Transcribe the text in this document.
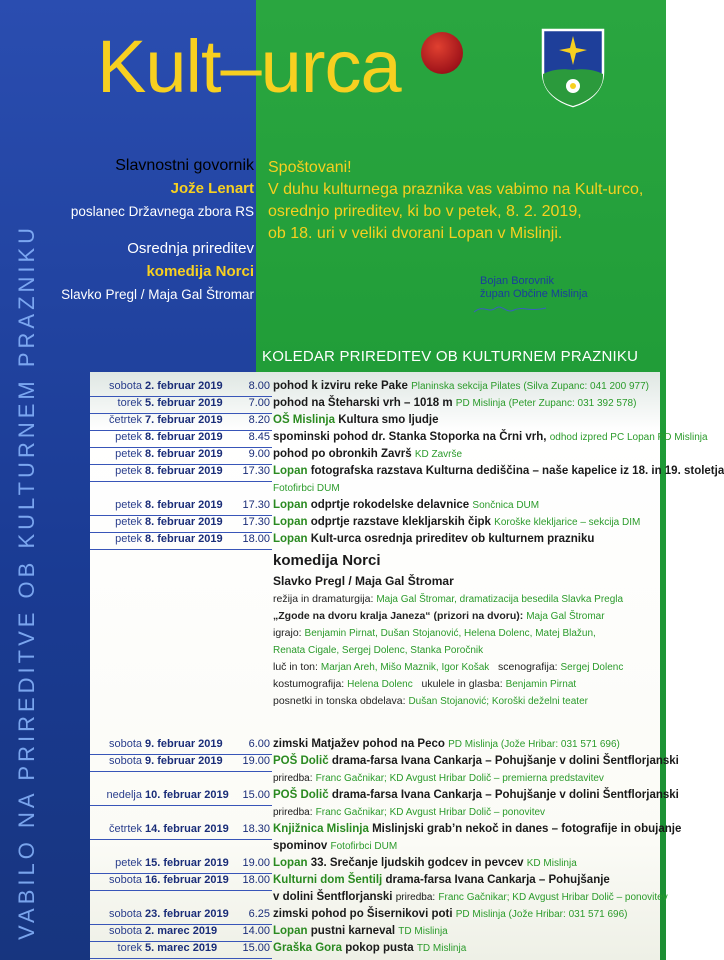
VABILO NA PRIREDITVE OB KULTURNEM PRAZNIKU
Kult–urca
Slavnostni govornik
Jože Lenart
poslanec Državnega zbora RS
Osrednja prireditev
komedija Norci
Slavko Pregl / Maja Gal Štromar
Spoštovani!
V duhu kulturnega praznika vas vabimo na Kult-urco,
osrednjo prireditev, ki bo v petek, 8. 2. 2019,
ob 18. uri v veliki dvorani Lopan v Mislinji.
Bojan Borovnik
župan Občine Mislinja
KOLEDAR PRIREDITEV OB KULTURNEM PRAZNIKU
sobota 2. februar 2019	8.00 pohod k izviru reke Pake Planinska sekcija Pilates (Silva Zupanc: 041 200 977)
torek 5. februar 2019	7.00 pohod na Šteharski vrh – 1018 m PD Mislinja (Peter Zupanc: 031 392 578)
četrtek 7. februar 2019	8.20 OŠ Mislinja Kultura smo ljudje
petek 8. februar 2019	8.45 spominski pohod dr. Stanka Stoporka na Črni vrh, odhod izpred PC Lopan PD Mislinja
petek 8. februar 2019	9.00 pohod po obronkih Završ KD Završe
petek 8. februar 2019	17.30 Lopan fotografska razstava Kulturna dediščina – naše kapelice iz 18. in 19. stoletja
Fotofirbci DUM
petek 8. februar 2019	17.30 Lopan odprtje rokodelske delavnice Sončnica DUM
petek 8. februar 2019	17.30 Lopan odprtje razstave klekljarskih čipk Koroške klekljarice – sekcija DIM
petek 8. februar 2019	18.00 Lopan Kult-urca osrednja prireditev ob kulturnem prazniku
komedija Norci
Slavko Pregl / Maja Gal Štromar
režija in dramaturgija: Maja Gal Štromar, dramatizacija besedila Slavka Pregla
„Zgode na dvoru kralja Janeza“ (prizori na dvoru): Maja Gal Štromar
igrajo: Benjamin Pirnat, Dušan Stojanović, Helena Dolenc, Matej Blažun,
Renata Cigale, Sergej Dolenc, Stanka Poročnik
luč in ton: Marjan Areh, Mišo Maznik, Igor Košak scenografija: Sergej Dolenc
kostumografija: Helena Dolenc ukulele in glasba: Benjamin Pirnat
posnetki in tonska obdelava: Dušan Stojanović; Koroški deželni teater
sobota 9. februar 2019	6.00 zimski Matjažev pohod na Peco PD Mislinja (Jože Hribar: 031 571 696)
sobota 9. februar 2019	19.00 POŠ Dolič drama-farsa Ivana Cankarja – Pohujšanje v dolini Šentflorjanski
priredba: Franc Gačnikar; KD Avgust Hribar Dolič – premierna predstavitev
nedelja 10. februar 2019	15.00 POŠ Dolič drama-farsa Ivana Cankarja – Pohujšanje v dolini Šentflorjanski
priredba: Franc Gačnikar; KD Avgust Hribar Dolič – ponovitev
četrtek 14. februar 2019	18.30 Knjižnica Mislinja Mislinjski grab’n nekoč in danes – fotografije in obujanje
spominov Fotofirbci DUM
petek 15. februar 2019	19.00 Lopan 33. Srečanje ljudskih godcev in pevcev KD Mislinja
sobota 16. februar 2019	18.00 Kulturni dom Šentilj drama-farsa Ivana Cankarja – Pohujšanje
v dolini Šentflorjanski priredba: Franc Gačnikar; KD Avgust Hribar Dolič – ponovitev
sobota 23. februar 2019	6.25 zimski pohod po Šisernikovi poti PD Mislinja (Jože Hribar: 031 571 696)
sobota 2. marec 2019	14.00 Lopan pustni karneval TD Mislinja
torek 5. marec 2019	15.00 Graška Gora pokop pusta TD Mislinja
